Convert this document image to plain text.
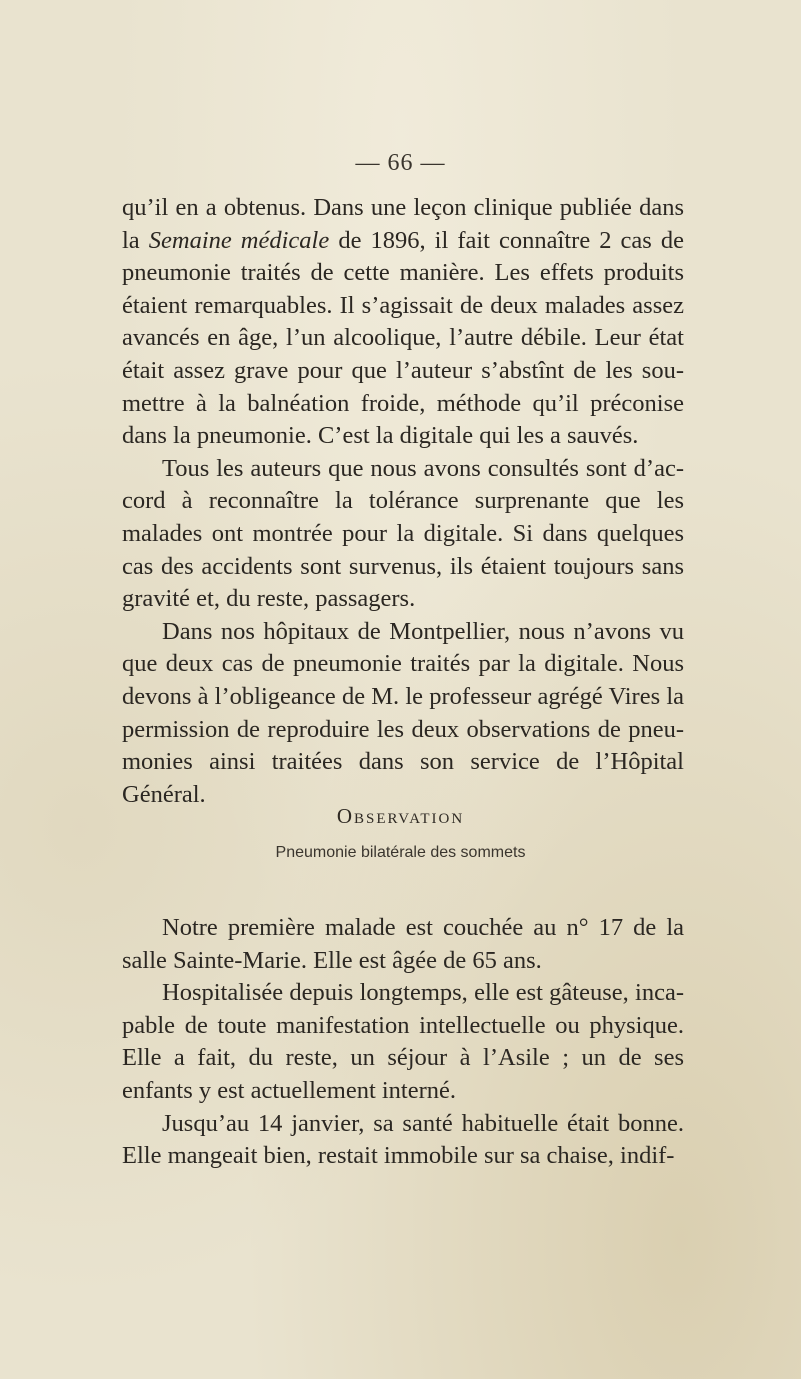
— 66 —

qu’il en a obtenus. Dans une leçon clinique publiée dans la Semaine médicale de 1896, il fait connaître 2 cas de pneumonie traités de cette manière. Les effets produits étaient remarquables. Il s’agissait de deux malades assez avancés en âge, l’un alcoolique, l’autre débile. Leur état était assez grave pour que l’auteur s’abstînt de les sou-mettre à la balnéation froide, méthode qu’il préconise dans la pneumonie. C’est la digitale qui les a sauvés.

Tous les auteurs que nous avons consultés sont d’ac-cord à reconnaître la tolérance surprenante que les malades ont montrée pour la digitale. Si dans quelques cas des accidents sont survenus, ils étaient toujours sans gravité et, du reste, passagers.

Dans nos hôpitaux de Montpellier, nous n’avons vu que deux cas de pneumonie traités par la digitale. Nous devons à l’obligeance de M. le professeur agrégé Vires la permission de reproduire les deux observations de pneu-monies ainsi traitées dans son service de l’Hôpital Général.

Observation
Pneumonie bilatérale des sommets

Notre première malade est couchée au n° 17 de la salle Sainte-Marie. Elle est âgée de 65 ans.

Hospitalisée depuis longtemps, elle est gâteuse, inca-pable de toute manifestation intellectuelle ou physique. Elle a fait, du reste, un séjour à l’Asile ; un de ses enfants y est actuellement interné.

Jusqu’au 14 janvier, sa santé habituelle était bonne. Elle mangeait bien, restait immobile sur sa chaise, indif-
